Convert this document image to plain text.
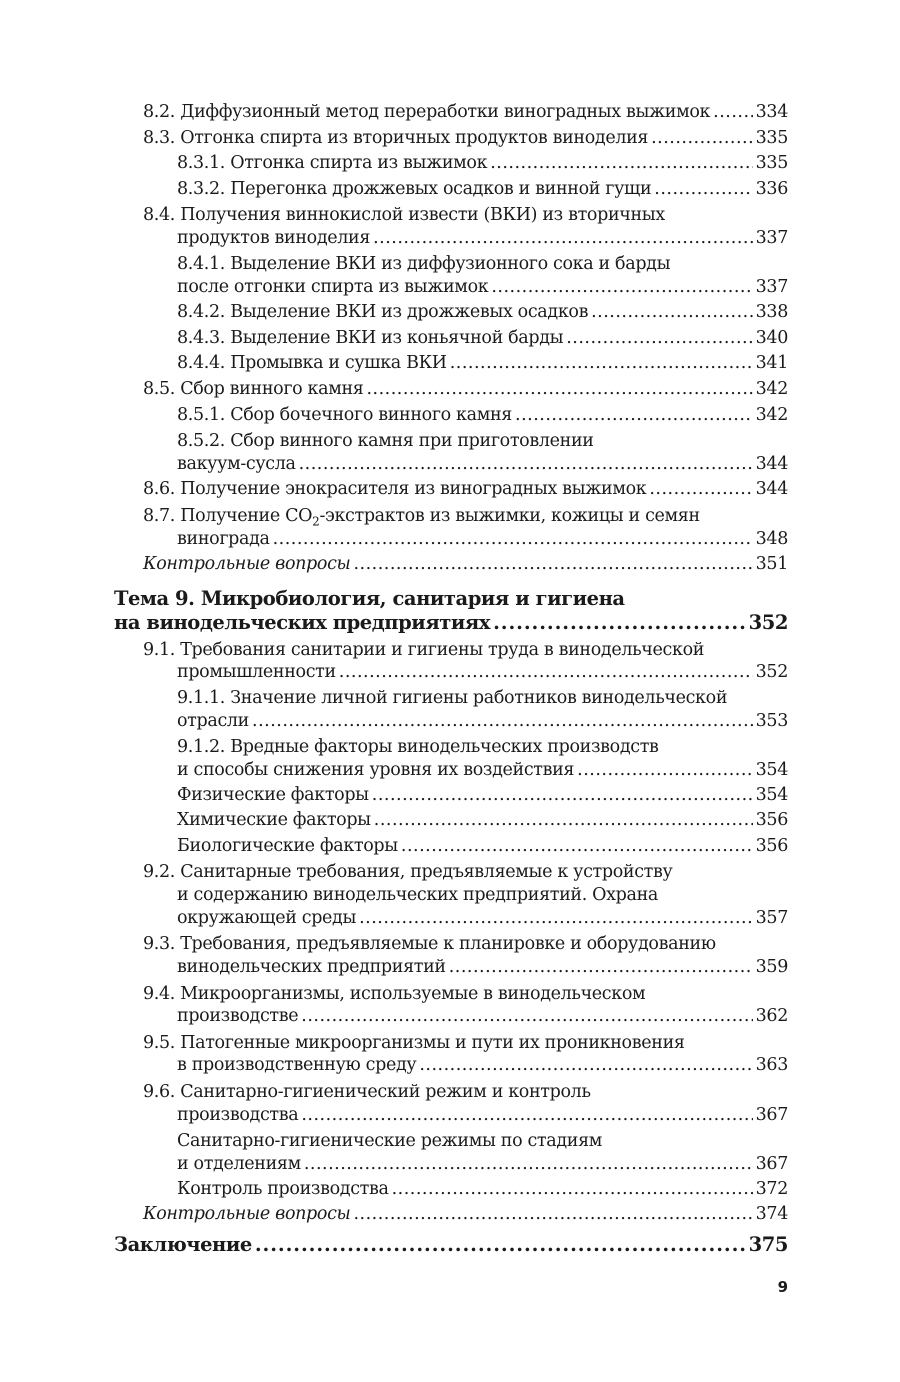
8.2. Диффузионный метод переработки виноградных выжимок .....	334
8.3. Отгонка спирта из вторичных продуктов виноделия .....	335
8.3.1. Отгонка спирта из выжимок .....	335
8.3.2. Перегонка дрожжевых осадков и винной гущи .....	336
8.4. Получения виннокислой извести (ВКИ) из вторичных
продуктов виноделия .....	337
8.4.1. Выделение ВКИ из диффузионного сока и барды
после отгонки спирта из выжимок .....	337
8.4.2. Выделение ВКИ из дрожжевых осадков .....	338
8.4.3. Выделение ВКИ из коньячной барды .....	340
8.4.4. Промывка и сушка ВКИ .....	341
8.5. Сбор винного камня .....	342
8.5.1. Сбор бочечного винного камня .....	342
8.5.2. Сбор винного камня при приготовлении
вакуум-сусла .....	344
8.6. Получение энокрасителя из виноградных выжимок .....	344
8.7. Получение $CO_2$-экстрактов из выжимки, кожицы и семян
винограда .....	348
Контрольные вопросы .....	351
Тема 9. Микробиология, санитария и гигиена
на винодельческих предприятиях .....	352
9.1. Требования санитарии и гигиены труда в винодельческой
промышленности .....	352
9.1.1. Значение личной гигиены работников винодельческой
отрасли .....	353
9.1.2. Вредные факторы винодельческих производств
и способы снижения уровня их воздействия .....	354
Физические факторы .....	354
Химические факторы .....	356
Биологические факторы .....	356
9.2. Санитарные требования, предъявляемые к устройству
и содержанию винодельческих предприятий. Охрана
окружающей среды .....	357
9.3. Требования, предъявляемые к планировке и оборудованию
винодельческих предприятий .....	359
9.4. Микроорганизмы, используемые в винодельческом
производстве .....	362
9.5. Патогенные микроорганизмы и пути их проникновения
в производственную среду .....	363
9.6. Санитарно-гигиенический режим и контроль
производства .....	367
Санитарно-гигиенические режимы по стадиям
и отделениям .....	367
Контроль производства .....	372
Контрольные вопросы .....	374
Заключение .....	375
9
